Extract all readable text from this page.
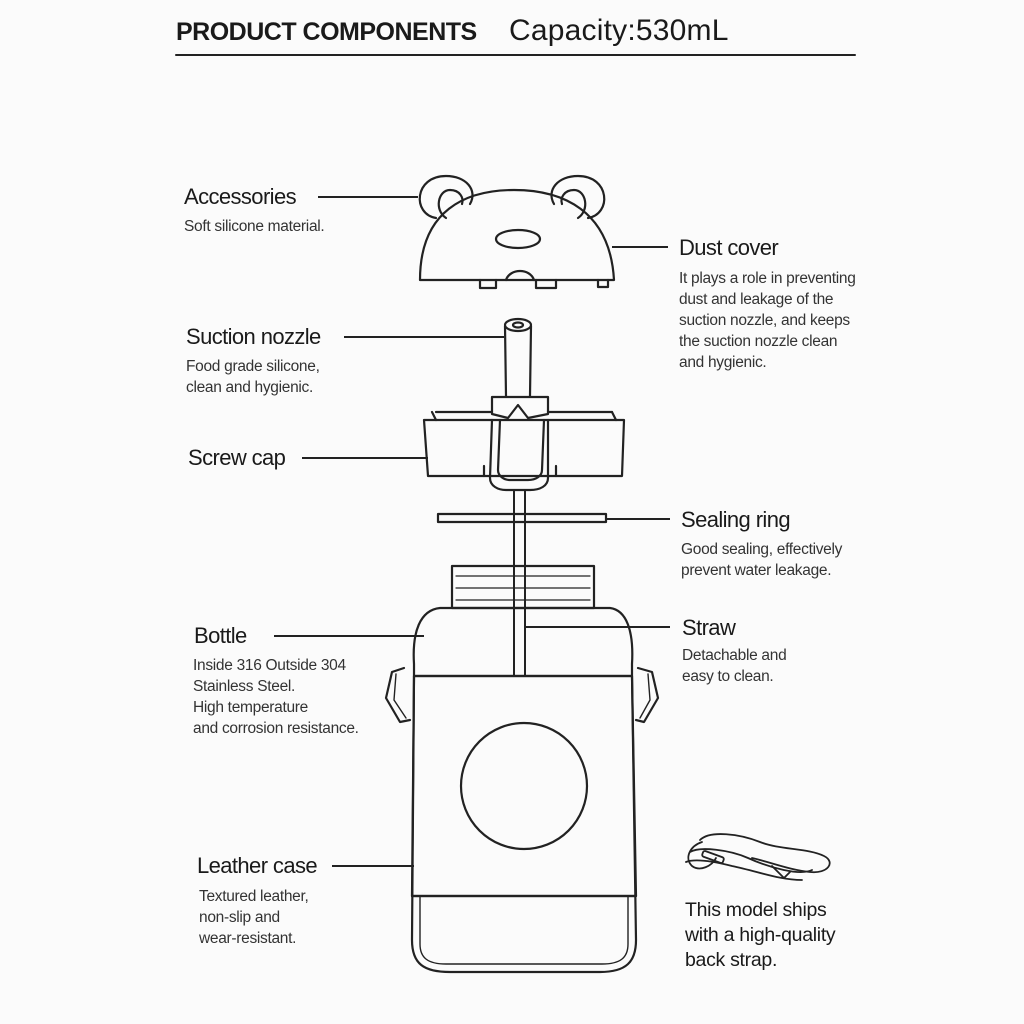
PRODUCT COMPONENTS Capacity:530mL
Accessories
Soft silicone material.
Dust cover
It plays a role in preventing
dust and leakage of the
suction nozzle, and keeps
the suction nozzle clean
and hygienic.
Suction nozzle
Food grade silicone,
clean and hygienic.
Screw cap
Sealing ring
Good sealing, effectively
prevent water leakage.
Bottle
Inside 316 Outside 304
Stainless Steel.
High temperature
and corrosion resistance.
Straw
Detachable and
easy to clean.
Leather case
Textured leather,
non-slip and
wear-resistant.
This model ships
with a high-quality
back strap.
